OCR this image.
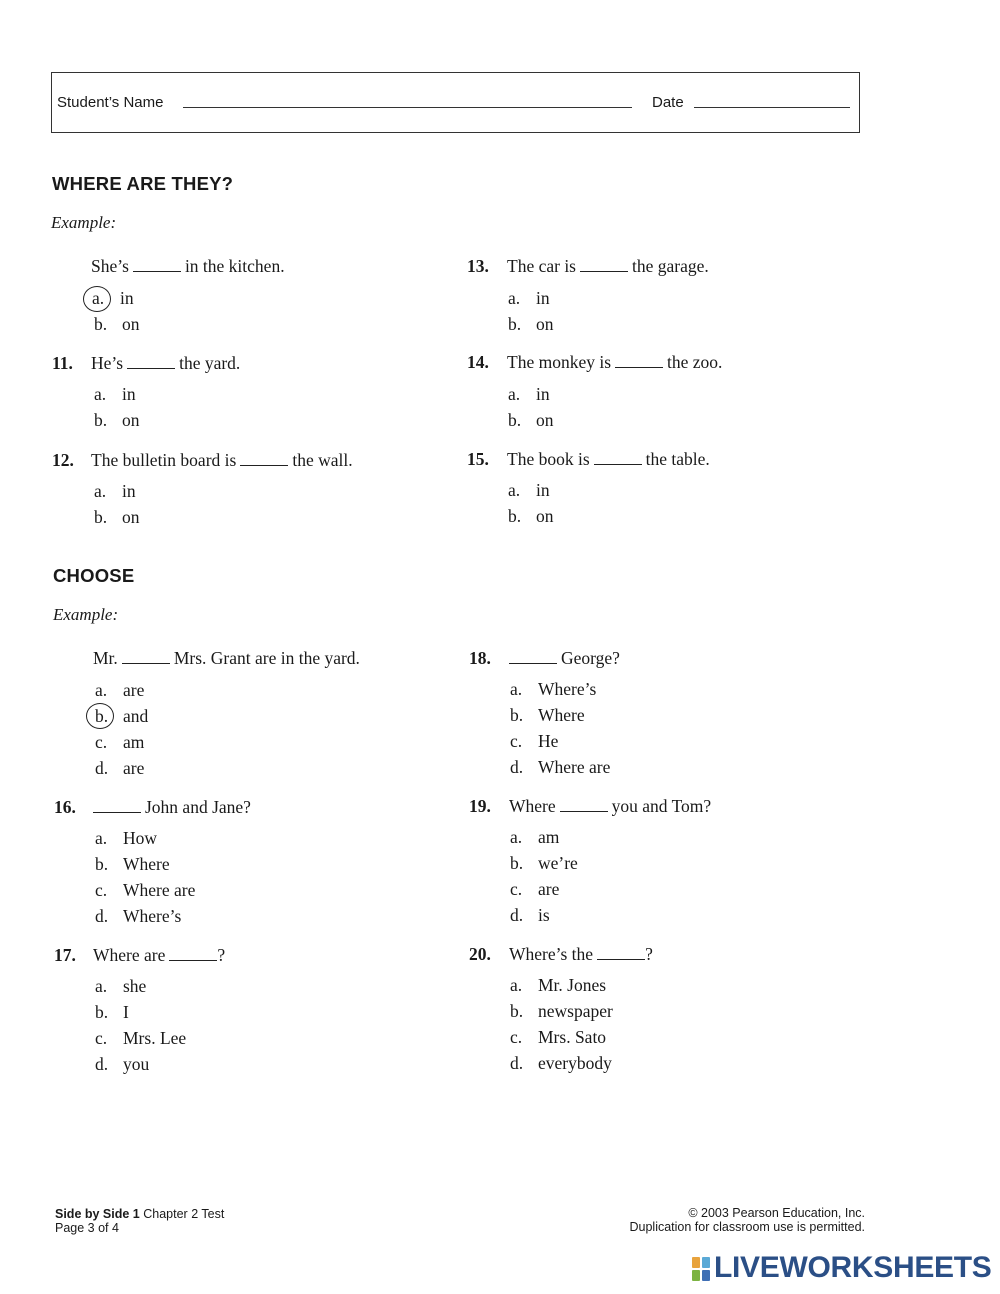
Student’s Name	Date
WHERE ARE THEY?
Example:
She’s	in the kitchen.
a. in
b. on
11. He’s	the yard.
a. in
b. on
12. The bulletin board is	the wall.
a. in
b. on
13. The car is	the garage.
a. in
b. on
14. The monkey is	the zoo.
a. in
b. on
15. The book is	the table.
a. in
b. on
CHOOSE
Example:
Mr.	Mrs. Grant are in the yard.
a. are
b. and
c. am
d. are
16.	John and Jane?
a. How
b. Where
c. Where are
d. Where’s
17. Where are	?
a. she
b. I
c. Mrs. Lee
d. you
18.	George?
a. Where’s
b. Where
c. He
d. Where are
19. Where	you and Tom?
a. am
b. we’re
c. are
d. is
20. Where’s the	?
a. Mr. Jones
b. newspaper
c. Mrs. Sato
d. everybody
Side by Side 1 Chapter 2 Test
Page 3 of 4
© 2003 Pearson Education, Inc.
Duplication for classroom use is permitted.
LIVEWORKSHEETS
